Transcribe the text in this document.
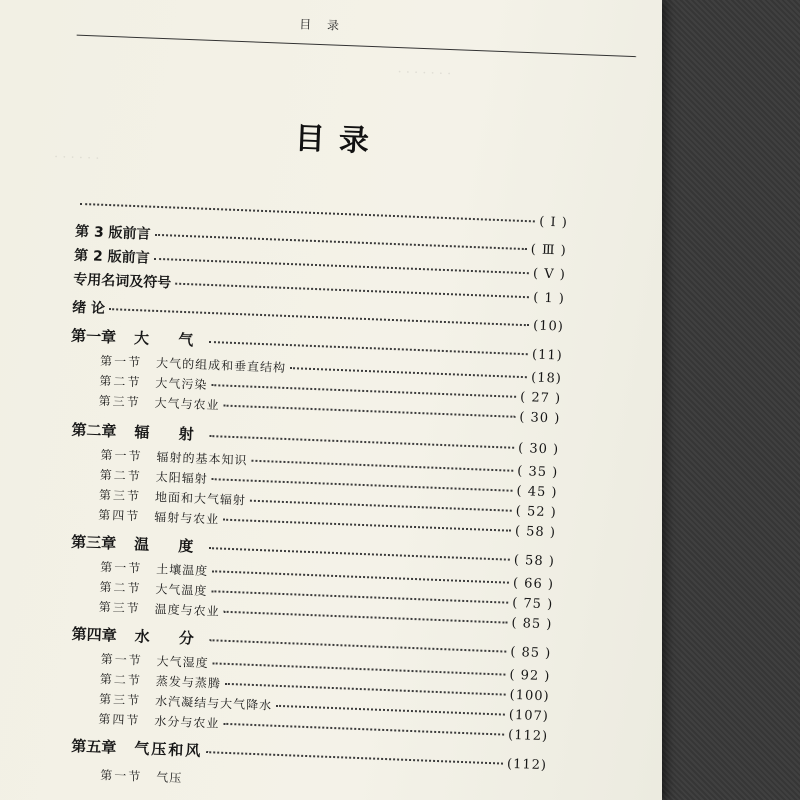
目 录
· · · · · · ·
· · · · · ·	目录
( Ⅰ )
第 3 版前言
( Ⅲ )
第 2 版前言
( Ⅴ )
专用名词及符号
( 1 )
绪 论
(10)
第一章 大 气
(11)
第一节 大气的组成和垂直结构
(18)
第二节 大气污染
( 27 )
第三节 大气与农业
( 30 )
第二章 辐 射
( 30 )
第一节 辐射的基本知识
( 35 )
第二节 太阳辐射
( 45 )
第三节 地面和大气辐射
( 52 )
第四节 辐射与农业
( 58 )
第三章 温 度
( 58 )
第一节 土壤温度
( 66 )
第二节 大气温度
( 75 )
第三节 温度与农业
( 85 )
第四章 水 分
( 85 )
第一节 大气湿度
( 92 )
第二节 蒸发与蒸腾
(100)
第三节 水汽凝结与大气降水
(107)
第四节 水分与农业
(112)
第五章 气压和风
(112)
第一节 气压
